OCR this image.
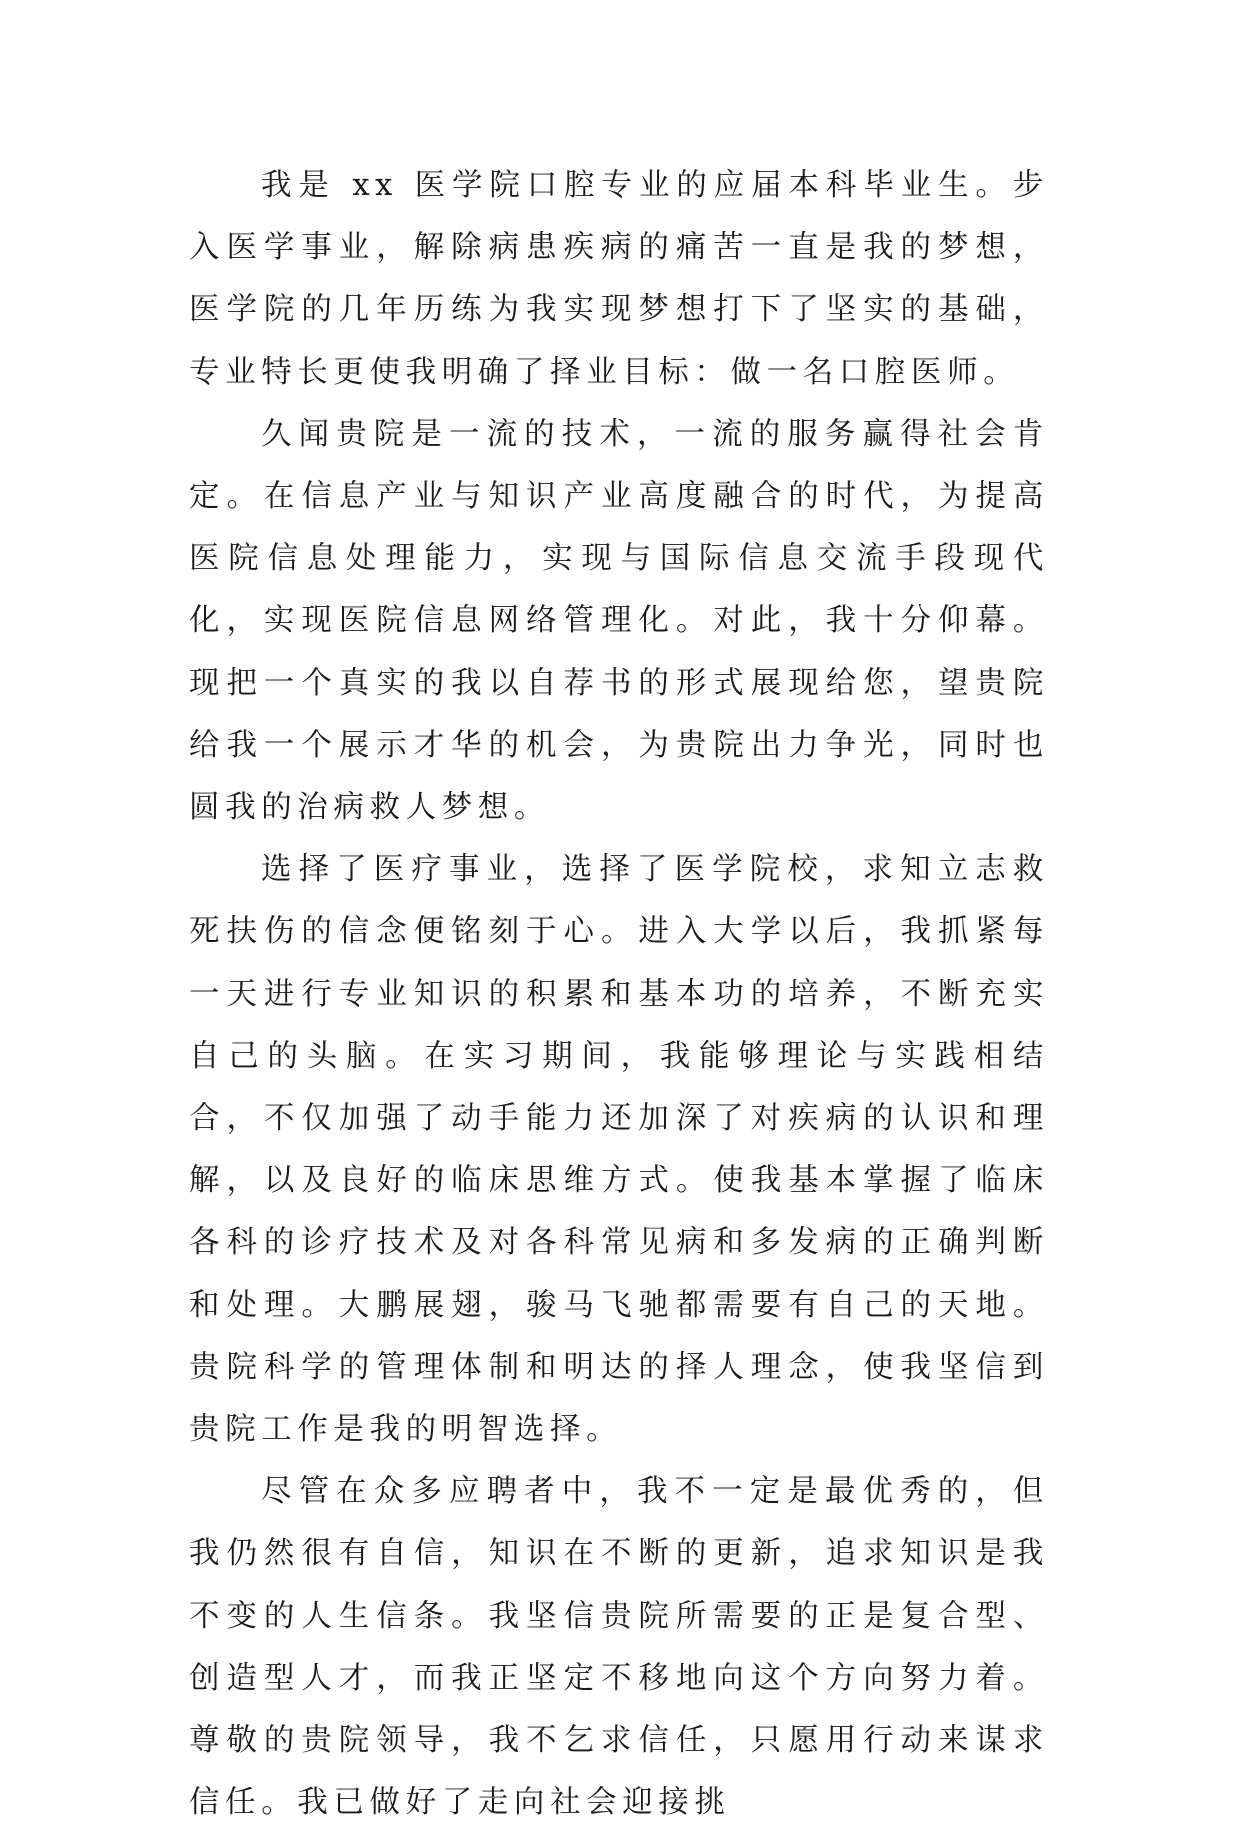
我是 xx 医学院口腔专业的应届本科毕业生。步入医学事业，解除病患疾病的痛苦一直是我的梦想，医学院的几年历练为我实现梦想打下了坚实的基础，专业特长更使我明确了择业目标：做一名口腔医师。

久闻贵院是一流的技术，一流的服务赢得社会肯定。在信息产业与知识产业高度融合的时代，为提高医院信息处理能力，实现与国际信息交流手段现代化，实现医院信息网络管理化。对此，我十分仰幕。现把一个真实的我以自荐书的形式展现给您，望贵院给我一个展示才华的机会，为贵院出力争光，同时也圆我的治病救人梦想。

选择了医疗事业，选择了医学院校，求知立志救死扶伤的信念便铭刻于心。进入大学以后，我抓紧每一天进行专业知识的积累和基本功的培养，不断充实自己的头脑。在实习期间，我能够理论与实践相结合，不仅加强了动手能力还加深了对疾病的认识和理解，以及良好的临床思维方式。使我基本掌握了临床各科的诊疗技术及对各科常见病和多发病的正确判断和处理。大鹏展翅，骏马飞驰都需要有自己的天地。贵院科学的管理体制和明达的择人理念，使我坚信到贵院工作是我的明智选择。

尽管在众多应聘者中，我不一定是最优秀的，但我仍然很有自信，知识在不断的更新，追求知识是我不变的人生信条。我坚信贵院所需要的正是复合型、创造型人才，而我正坚定不移地向这个方向努力着。尊敬的贵院领导，我不乞求信任，只愿用行动来谋求信任。我已做好了走向社会迎接挑
